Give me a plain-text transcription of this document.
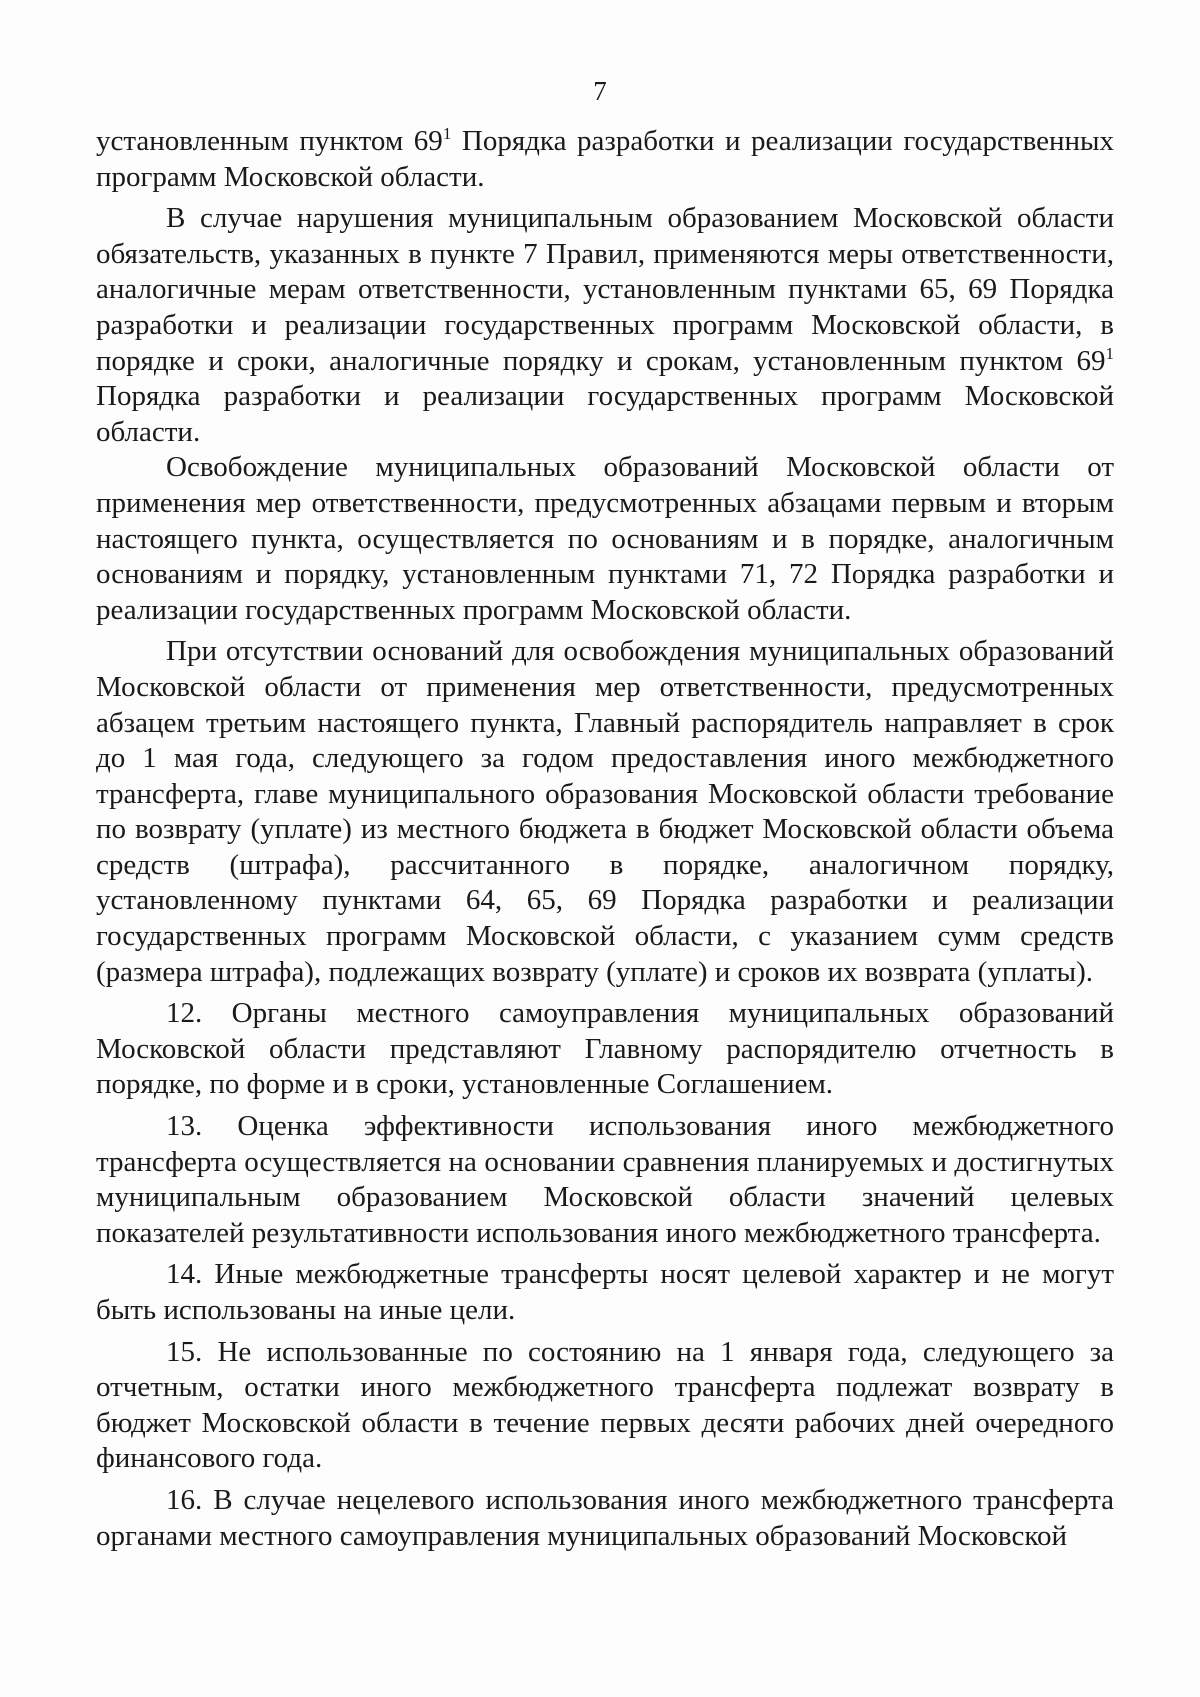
7

установленным пунктом $69^1$ Порядка разработки и реализации государственных программ Московской области.

В случае нарушения муниципальным образованием Московской области обязательств, указанных в пункте 7 Правил, применяются меры ответственности, аналогичные мерам ответственности, установленным пунктами 65, 69 Порядка разработки и реализации государственных программ Московской области, в порядке и сроки, аналогичные порядку и срокам, установленным пунктом $69^1$ Порядка разработки и реализации государственных программ Московской области.

Освобождение муниципальных образований Московской области от применения мер ответственности, предусмотренных абзацами первым и вторым настоящего пункта, осуществляется по основаниям и в порядке, аналогичным основаниям и порядку, установленным пунктами 71, 72 Порядка разработки и реализации государственных программ Московской области.

При отсутствии оснований для освобождения муниципальных образований Московской области от применения мер ответственности, предусмотренных абзацем третьим настоящего пункта, Главный распорядитель направляет в срок до 1 мая года, следующего за годом предоставления иного межбюджетного трансферта, главе муниципального образования Московской области требование по возврату (уплате) из местного бюджета в бюджет Московской области объема средств (штрафа), рассчитанного в порядке, аналогичном порядку, установленному пунктами 64, 65, 69 Порядка разработки и реализации государственных программ Московской области, с указанием сумм средств (размера штрафа), подлежащих возврату (уплате) и сроков их возврата (уплаты).

12. Органы местного самоуправления муниципальных образований Московской области представляют Главному распорядителю отчетность в порядке, по форме и в сроки, установленные Соглашением.

13. Оценка эффективности использования иного межбюджетного трансферта осуществляется на основании сравнения планируемых и достигнутых муниципальным образованием Московской области значений целевых показателей результативности использования иного межбюджетного трансферта.

14. Иные межбюджетные трансферты носят целевой характер и не могут быть использованы на иные цели.

15. Не использованные по состоянию на 1 января года, следующего за отчетным, остатки иного межбюджетного трансферта подлежат возврату в бюджет Московской области в течение первых десяти рабочих дней очередного финансового года.

16. В случае нецелевого использования иного межбюджетного трансферта органами местного самоуправления муниципальных образований Московской
